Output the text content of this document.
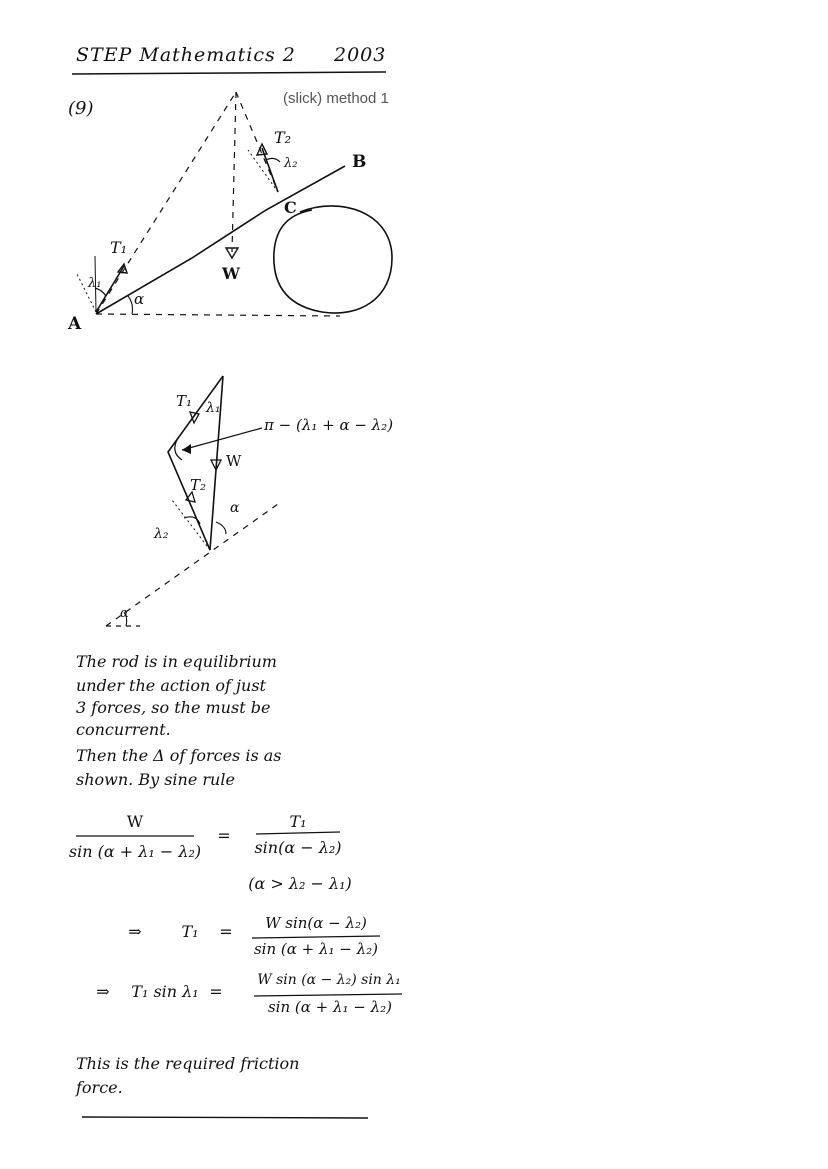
STEP Mathematics 2 2003
(9)	(slick) method 1
A
B
C
T₁
T₂
W
α
λ₁
λ₂
T₁ λ₁
π − (λ₁ + α − λ₂)
W
T₂
α
λ₂
α
The rod is in equilibrium
under the action of just
3 forces, so the must be
concurrent.
Then the Δ of forces is as
shown. By sine rule
W
sin (α + λ₁ − λ₂)
=
T₁
sin(α − λ₂)
(α > λ₂ − λ₁)
⇒	T₁	=	W sin(α − λ₂)
sin (α + λ₁ − λ₂)
⇒	T₁ sin λ₁ =
W sin (α − λ₂) sin λ₁
sin (α + λ₁ − λ₂)
This is the required friction
force.
